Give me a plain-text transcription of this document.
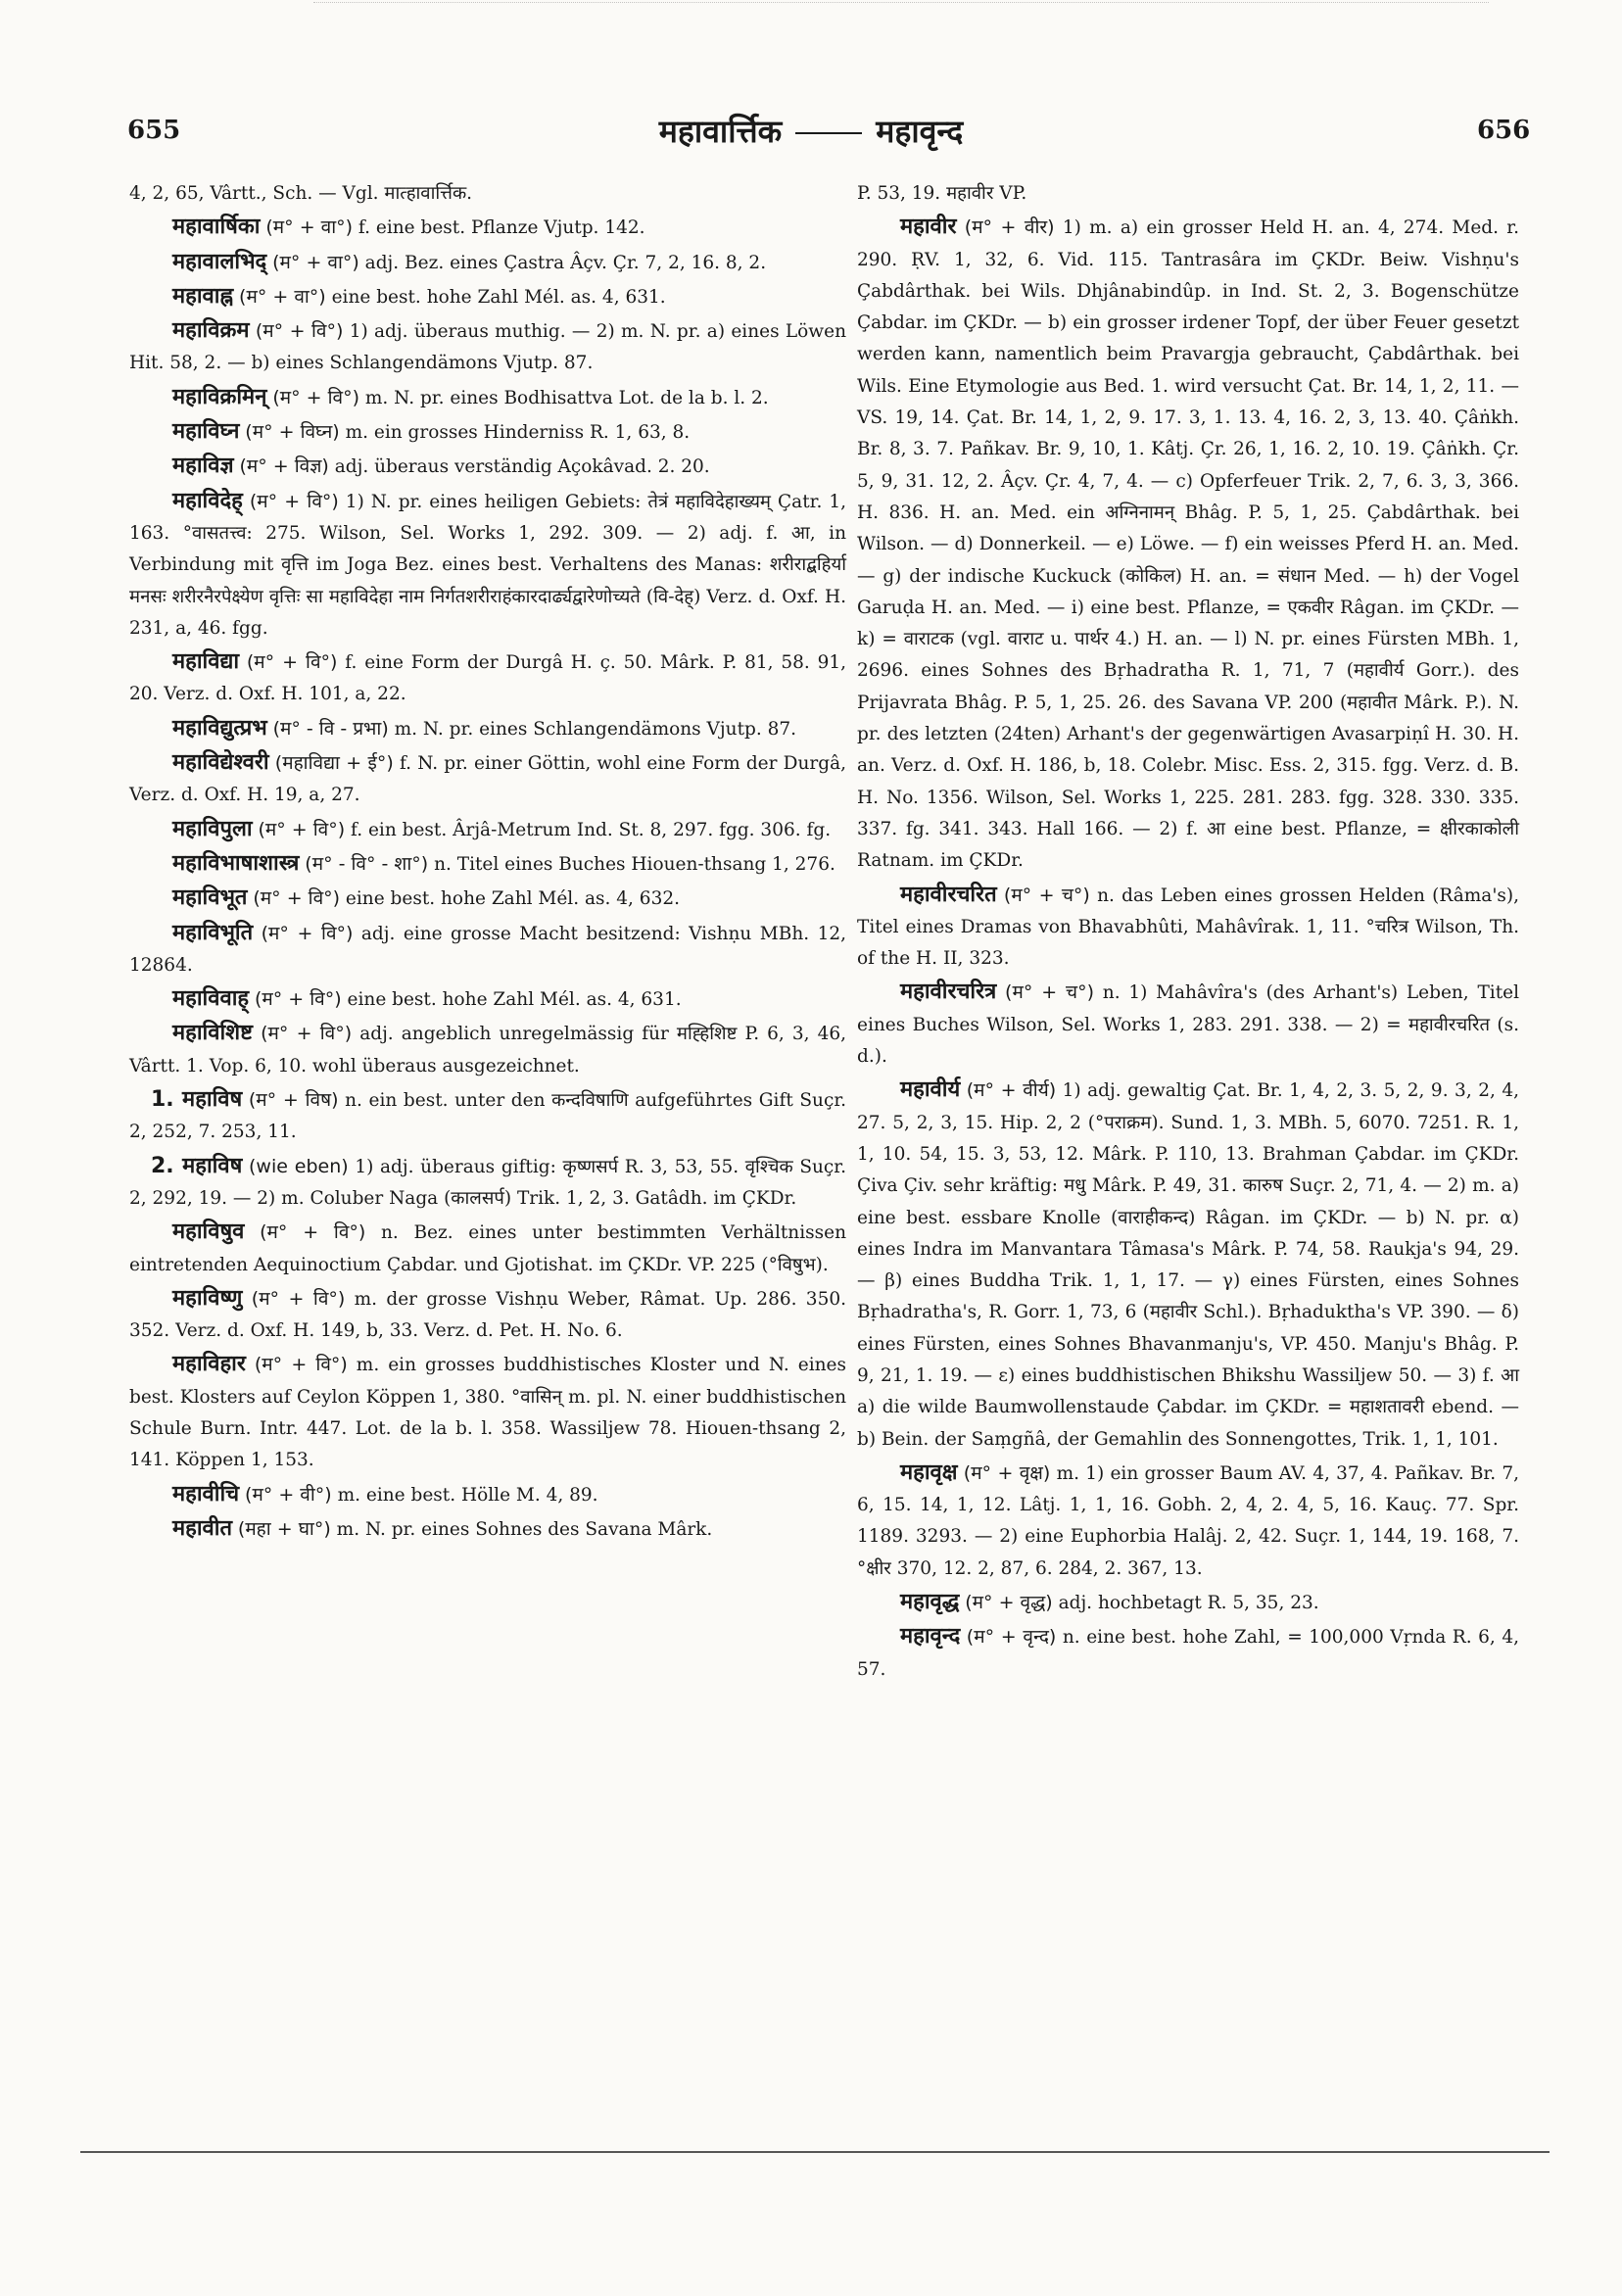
655	महावार्त्तिक	महावृन्द	656

4, 2, 65, Vârtt., Sch. — Vgl. मात्हावार्त्तिक.

महावार्षिका (म° + वा°) f. eine best. Pflanze Vjutp. 142.

महावालभिद् (म° + वा°) adj. Bez. eines Çastra Âçv. Çr. 7, 2, 16. 8, 2.

महावाह्न (म° + वा°) eine best. hohe Zahl Mél. as. 4, 631.

महाविक्रम (म° + वि°) 1) adj. überaus muthig. — 2) m. N. pr. a) eines Löwen Hit. 58, 2. — b) eines Schlangendämons Vjutp. 87.

महाविक्रमिन् (म° + वि°) m. N. pr. eines Bodhisattva Lot. de la b. l. 2.

महाविघ्न (म° + विघ्न) m. ein grosses Hinderniss R. 1, 63, 8.

महाविज्ञ (म° + विज्ञ) adj. überaus verständig Açokâvad. 2. 20.

महाविदेह् (म° + वि°) 1) N. pr. eines heiligen Gebiets: तेत्रं महाविदेहाख्यम् Çatr. 1, 163. °वासतत्त्व: 275. Wilson, Sel. Works 1, 292. 309. — 2) adj. f. आ, in Verbindung mit वृत्ति im Joga Bez. eines best. Verhaltens des Manas: शरीराद्बहिर्या मनसः शरीरनैरपेक्ष्येण वृत्तिः सा महाविदेहा नाम निर्गतशरीराहंकारदार्ढ्यद्वारेणोच्यते (वि-देह्) Verz. d. Oxf. H. 231, a, 46. fgg.

महाविद्या (म° + वि°) f. eine Form der Durgâ H. ç. 50. Mârk. P. 81, 58. 91, 20. Verz. d. Oxf. H. 101, a, 22.

महाविद्युत्प्रभ (म° - वि - प्रभा) m. N. pr. eines Schlangendämons Vjutp. 87.

महाविद्येश्वरी (महाविद्या + ई°) f. N. pr. einer Göttin, wohl eine Form der Durgâ, Verz. d. Oxf. H. 19, a, 27.

महाविपुला (म° + वि°) f. ein best. Ârjâ-Metrum Ind. St. 8, 297. fgg. 306. fg.

महाविभाषाशास्त्र (म° - वि° - शा°) n. Titel eines Buches Hiouen-thsang 1, 276.

महाविभूत (म° + वि°) eine best. hohe Zahl Mél. as. 4, 632.

महाविभूति (म° + वि°) adj. eine grosse Macht besitzend: Vishṇu MBh. 12, 12864.

महाविवाह् (म° + वि°) eine best. hohe Zahl Mél. as. 4, 631.

महाविशिष्ट (म° + वि°) adj. angeblich unregelmässig für मह्हिशिष्ट P. 6, 3, 46, Vârtt. 1. Vop. 6, 10. wohl überaus ausgezeichnet.

1. महाविष (म° + विष) n. ein best. unter den कन्दविषाणि aufgeführtes Gift Suçr. 2, 252, 7. 253, 11.

2. महाविष (wie eben) 1) adj. überaus giftig: कृष्णसर्प R. 3, 53, 55. वृश्चिक Suçr. 2, 292, 19. — 2) m. Coluber Naga (कालसर्प) Trik. 1, 2, 3. Gatâdh. im ÇKDr.

महाविषुव (म° + वि°) n. Bez. eines unter bestimmten Verhältnissen eintretenden Aequinoctium Çabdar. und Gjotishat. im ÇKDr. VP. 225 (°विषुभ).

महाविष्णु (म° + वि°) m. der grosse Vishṇu Weber, Râmat. Up. 286. 350. 352. Verz. d. Oxf. H. 149, b, 33. Verz. d. Pet. H. No. 6.

महाविहार (म° + वि°) m. ein grosses buddhistisches Kloster und N. eines best. Klosters auf Ceylon Köppen 1, 380. °वासिन् m. pl. N. einer buddhistischen Schule Burn. Intr. 447. Lot. de la b. l. 358. Wassiljew 78. Hiouen-thsang 2, 141. Köppen 1, 153.

महावीचि (म° + वी°) m. eine best. Hölle M. 4, 89.

महावीत (महा + घा°) m. N. pr. eines Sohnes des Savana Mârk.

P. 53, 19. महावीर VP.

महावीर (म° + वीर) 1) m. a) ein grosser Held H. an. 4, 274. Med. r. 290. ṚV. 1, 32, 6. Vid. 115. Tantrasâra im ÇKDr. Beiw. Vishṇu's Çabdârthak. bei Wils. Dhjânabindûp. in Ind. St. 2, 3. Bogenschütze Çabdar. im ÇKDr. — b) ein grosser irdener Topf, der über Feuer gesetzt werden kann, namentlich beim Pravargja gebraucht, Çabdârthak. bei Wils. Eine Etymologie aus Bed. 1. wird versucht Çat. Br. 14, 1, 2, 11. — VS. 19, 14. Çat. Br. 14, 1, 2, 9. 17. 3, 1. 13. 4, 16. 2, 3, 13. 40. Çâṅkh. Br. 8, 3. 7. Pañkav. Br. 9, 10, 1. Kâtj. Çr. 26, 1, 16. 2, 10. 19. Çâṅkh. Çr. 5, 9, 31. 12, 2. Âçv. Çr. 4, 7, 4. — c) Opferfeuer Trik. 2, 7, 6. 3, 3, 366. H. 836. H. an. Med. ein अग्निनामन् Bhâg. P. 5, 1, 25. Çabdârthak. bei Wilson. — d) Donnerkeil. — e) Löwe. — f) ein weisses Pferd H. an. Med. — g) der indische Kuckuck (कोकिल) H. an. = संधान Med. — h) der Vogel Garuḍa H. an. Med. — i) eine best. Pflanze, = एकवीर Râgan. im ÇKDr. — k) = वाराटक (vgl. वाराट u. पार्थर 4.) H. an. — l) N. pr. eines Fürsten MBh. 1, 2696. eines Sohnes des Bṛhadratha R. 1, 71, 7 (महावीर्य Gorr.). des Prijavrata Bhâg. P. 5, 1, 25. 26. des Savana VP. 200 (महावीत Mârk. P.). N. pr. des letzten (24ten) Arhant's der gegenwärtigen Avasarpiṇî H. 30. H. an. Verz. d. Oxf. H. 186, b, 18. Colebr. Misc. Ess. 2, 315. fgg. Verz. d. B. H. No. 1356. Wilson, Sel. Works 1, 225. 281. 283. fgg. 328. 330. 335. 337. fg. 341. 343. Hall 166. — 2) f. आ eine best. Pflanze, = क्षीरकाकोली Ratnam. im ÇKDr.

महावीरचरित (म° + च°) n. das Leben eines grossen Helden (Râma's), Titel eines Dramas von Bhavabhûti, Mahâvîrak. 1, 11. °चरित्र Wilson, Th. of the H. II, 323.

महावीरचरित्र (म° + च°) n. 1) Mahâvîra's (des Arhant's) Leben, Titel eines Buches Wilson, Sel. Works 1, 283. 291. 338. — 2) = महावीरचरित (s. d.).

महावीर्य (म° + वीर्य) 1) adj. gewaltig Çat. Br. 1, 4, 2, 3. 5, 2, 9. 3, 2, 4, 27. 5, 2, 3, 15. Hip. 2, 2 (°पराक्रम). Sund. 1, 3. MBh. 5, 6070. 7251. R. 1, 1, 10. 54, 15. 3, 53, 12. Mârk. P. 110, 13. Brahman Çabdar. im ÇKDr. Çiva Çiv. sehr kräftig: मधु Mârk. P. 49, 31. कारुष Suçr. 2, 71, 4. — 2) m. a) eine best. essbare Knolle (वाराहीकन्द) Râgan. im ÇKDr. — b) N. pr. α) eines Indra im Manvantara Tâmasa's Mârk. P. 74, 58. Raukja's 94, 29. — β) eines Buddha Trik. 1, 1, 17. — γ) eines Fürsten, eines Sohnes Bṛhadratha's, R. Gorr. 1, 73, 6 (महावीर Schl.). Bṛhaduktha's VP. 390. — δ) eines Fürsten, eines Sohnes Bhavanmanju's, VP. 450. Manju's Bhâg. P. 9, 21, 1. 19. — ε) eines buddhistischen Bhikshu Wassiljew 50. — 3) f. आ a) die wilde Baumwollenstaude Çabdar. im ÇKDr. = महाशतावरी ebend. — b) Bein. der Saṃgñâ, der Gemahlin des Sonnengottes, Trik. 1, 1, 101.

महावृक्ष (म° + वृक्ष) m. 1) ein grosser Baum AV. 4, 37, 4. Pañkav. Br. 7, 6, 15. 14, 1, 12. Lâtj. 1, 1, 16. Gobh. 2, 4, 2. 4, 5, 16. Kauç. 77. Spr. 1189. 3293. — 2) eine Euphorbia Halâj. 2, 42. Suçr. 1, 144, 19. 168, 7. °क्षीर 370, 12. 2, 87, 6. 284, 2. 367, 13.

महावृद्ध (म° + वृद्ध) adj. hochbetagt R. 5, 35, 23.

महावृन्द (म° + वृन्द) n. eine best. hohe Zahl, = 100,000 Vṛnda R. 6, 4, 57.
